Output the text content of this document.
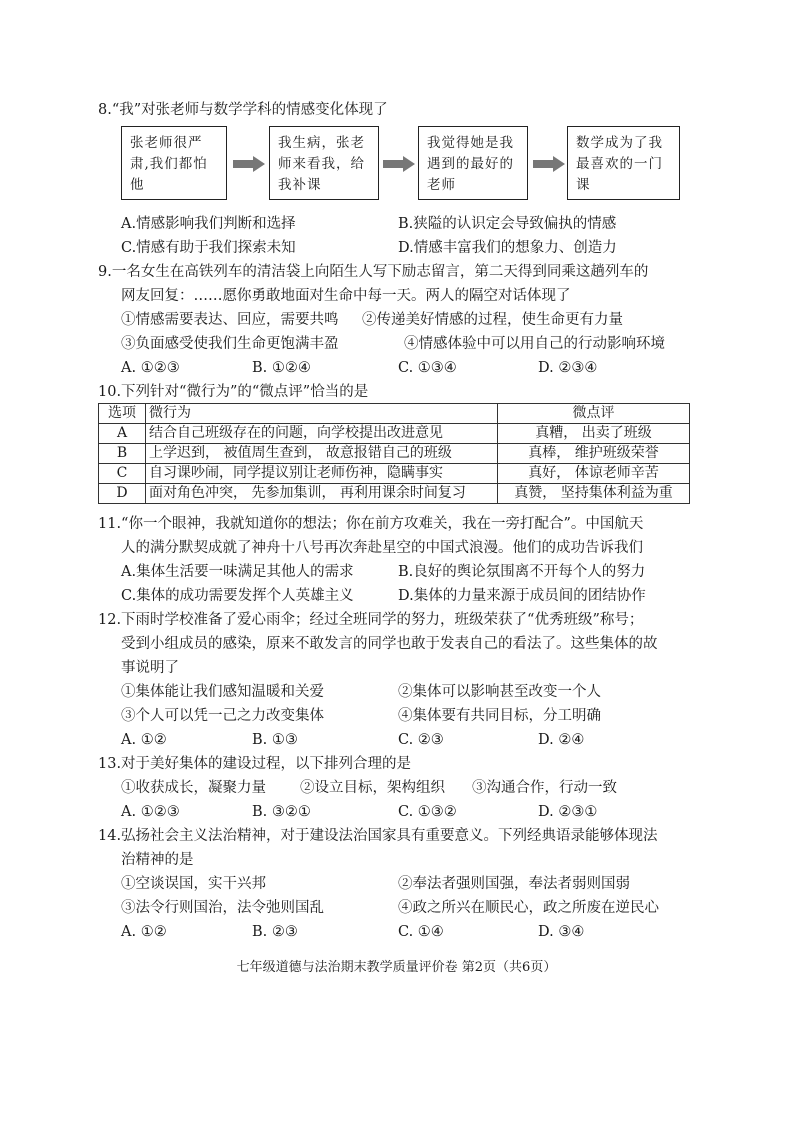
8.“我”对张老师与数学学科的情感变化体现了
张老师很严肃,我们都怕他
我生病，张老师来看我，给我补课
我觉得她是我遇到的最好的老师
数学成为了我最喜欢的一门课
A.情感影响我们判断和选择	B.狭隘的认识定会导致偏执的情感
C.情感有助于我们探索未知	D.情感丰富我们的想象力、创造力
9.一名女生在高铁列车的清洁袋上向陌生人写下励志留言，第二天得到同乘这趟列车的
网友回复：……愿你勇敢地面对生命中每一天。两人的隔空对话体现了
①情感需要表达、回应，需要共鸣 ②传递美好情感的过程，使生命更有力量
③负面感受使我们生命更饱满丰盈	④情感体验中可以用自己的行动影响环境
A. ①②③	B. ①②④	C. ①③④	D. ②③④
10.下列针对“微行为”的“微点评”恰当的是
选项	微行为	微点评
A	结合自己班级存在的问题，向学校提出改进意见	真糟， 出卖了班级
B	上学迟到， 被值周生查到， 故意报错自己的班级	真棒， 维护班级荣誉
C	自习课吵闹，同学提议别让老师伤神，隐瞒事实	真好， 体谅老师辛苦
D	面对角色冲突， 先参加集训， 再利用课余时间复习	真赞， 坚持集体利益为重
11.“你一个眼神，我就知道你的想法；你在前方攻难关，我在一旁打配合”。中国航天
人的满分默契成就了神舟十八号再次奔赴星空的中国式浪漫。他们的成功告诉我们
A.集体生活要一味满足其他人的需求	B.良好的舆论氛围离不开每个人的努力
C.集体的成功需要发挥个人英雄主义	D.集体的力量来源于成员间的团结协作
12.下雨时学校准备了爱心雨伞；经过全班同学的努力，班级荣获了“优秀班级”称号；
受到小组成员的感染，原来不敢发言的同学也敢于发表自己的看法了。这些集体的故
事说明了
①集体能让我们感知温暖和关爱	②集体可以影响甚至改变一个人
③个人可以凭一己之力改变集体	④集体要有共同目标，分工明确
A. ①②	B. ①③	C. ②③	D. ②④
13.对于美好集体的建设过程，以下排列合理的是
①收获成长，凝聚力量 ②设立目标，架构组织 ③沟通合作，行动一致
A. ①②③	B. ③②①	C. ①③②	D. ②③①
14.弘扬社会主义法治精神，对于建设法治国家具有重要意义。下列经典语录能够体现法
治精神的是
①空谈误国，实干兴邦	②奉法者强则国强，奉法者弱则国弱
③法令行则国治，法令弛则国乱	④政之所兴在顺民心，政之所废在逆民心
A. ①②	B. ②③	C. ①④	D. ③④
七年级道德与法治期末教学质量评价卷 第2页（共6页）
